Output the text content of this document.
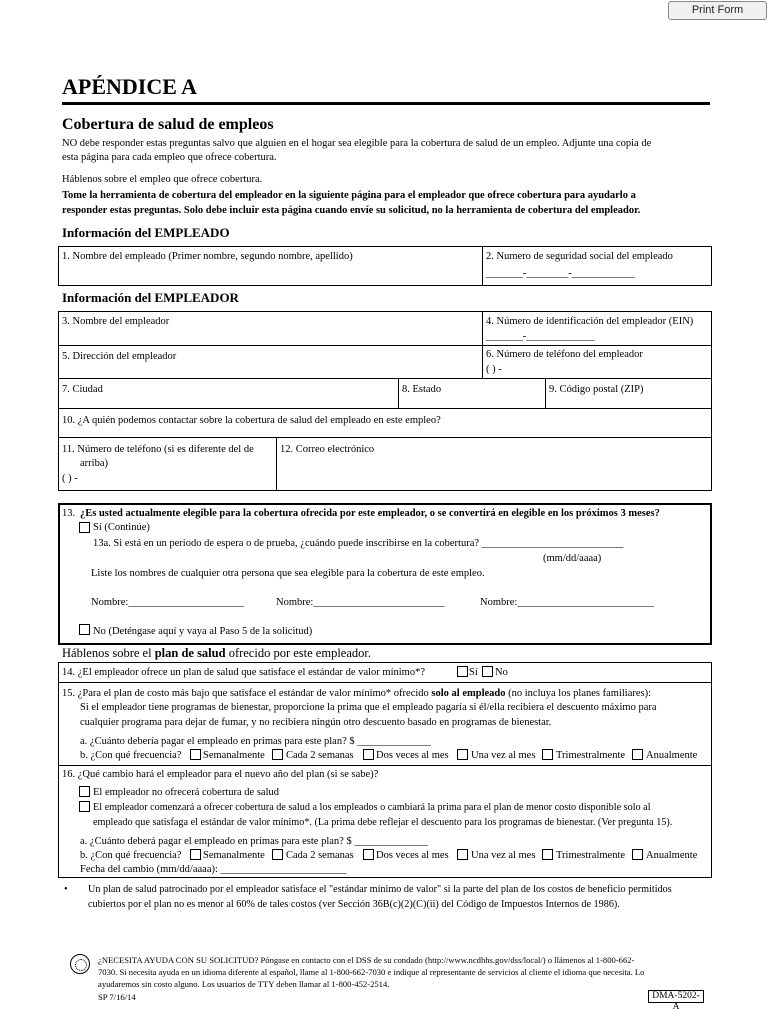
Print Form
APÉNDICE A
Cobertura de salud de empleos
NO debe responder estas preguntas salvo que alguien en el hogar sea elegible para la cobertura de salud de un empleo. Adjunte una copia de
esta página para cada empleo que ofrece cobertura.
Háblenos sobre el empleo que ofrece cobertura.
Tome la herramienta de cobertura del empleador en la siguiente página para el empleador que ofrece cobertura para ayudarlo a
responder estas preguntas. Solo debe incluir esta página cuando envíe su solicitud, no la herramienta de cobertura del empleador.
Información del EMPLEADO
1. Nombre del empleado (Primer nombre, segundo nombre, apellido)	2. Numero de seguridad social del empleado
_______-________-____________
Información del EMPLEADOR
3. Nombre del empleador	4. Número de identificación del empleador (EIN)
_______-_____________
5. Dirección del empleador	6. Número de teléfono del empleador
( ) -
7. Ciudad	8. Estado	9. Código postal (ZIP)
10. ¿A quién podemos contactar sobre la cobertura de salud del empleado en este empleo?
11. Número de teléfono (si es diferente del de
arriba)
( ) -
12. Correo electrónico
13. ¿Es usted actualmente elegible para la cobertura ofrecida por este empleador, o se convertirá en elegible en los próximos 3 meses?
Sí (Continúe)
13a. Si está en un periodo de espera o de prueba, ¿cuándo puede inscribirse en la cobertura? ___________________________
(mm/dd/aaaa)
Liste los nombres de cualquier otra persona que sea elegible para la cobertura de este empleo.
Nombre:______________________	Nombre:_________________________	Nombre:__________________________
No (Deténgase aquí y vaya al Paso 5 de la solicitud)
Háblenos sobre el plan de salud ofrecido por este empleador.
14. ¿El empleador ofrece un plan de salud que satisface el estándar de valor mínimo*?	Sí No
15. ¿Para el plan de costo más bajo que satisface el estándar de valor mínimo* ofrecido solo al empleado (no incluya los planes familiares):
Si el empleador tiene programas de bienestar, proporcione la prima que el empleado pagaría si él/ella recibiera el descuento máximo para
cualquier programa para dejar de fumar, y no recibiera ningún otro descuento basado en programas de bienestar.
a. ¿Cuánto debería pagar el empleado en primas para este plan? $ ______________
b. ¿Con qué frecuencia? Semanalmente Cada 2 semanas Dos veces al mes Una vez al mes Trimestralmente Anualmente
16. ¿Qué cambio hará el empleador para el nuevo año del plan (si se sabe)?
El empleador no ofrecerá cobertura de salud
El empleador comenzará a ofrecer cobertura de salud a los empleados o cambiará la prima para el plan de menor costo disponible solo al
empleado que satisfaga el estándar de valor mínimo*. (La prima debe reflejar el descuento para los programas de bienestar. (Ver pregunta 15).
a. ¿Cuánto deberá pagar el empleado en primas para este plan? $ ______________
b. ¿Con qué frecuencia? Semanalmente Cada 2 semanas Dos veces al mes Una vez al mes Trimestralmente Anualmente
Fecha del cambio (mm/dd/aaaa): ________________________
• Un plan de salud patrocinado por el empleador satisface el "estándar mínimo de valor" si la parte del plan de los costos de beneficio permitidos
cubiertos por el plan no es menor al 60% de tales costos (ver Sección 36B(c)(2)(C)(ii) del Código de Impuestos Internos de 1986).
¿NECESITA AYUDA CON SU SOLICITUD? Póngase en contacto con el DSS de su condado (http://www.ncdhhs.gov/dss/local/) o llámenos al 1-800-662-
7030. Si necesita ayuda en un idioma diferente al español, llame al 1-800-662-7030 e indique al representante de servicios al cliente el idioma que necesita. Lo
ayudaremos sin costo alguno. Los usuarios de TTY deben llamar al 1-800-452-2514.
SP 7/16/14	DMA-5202-A
